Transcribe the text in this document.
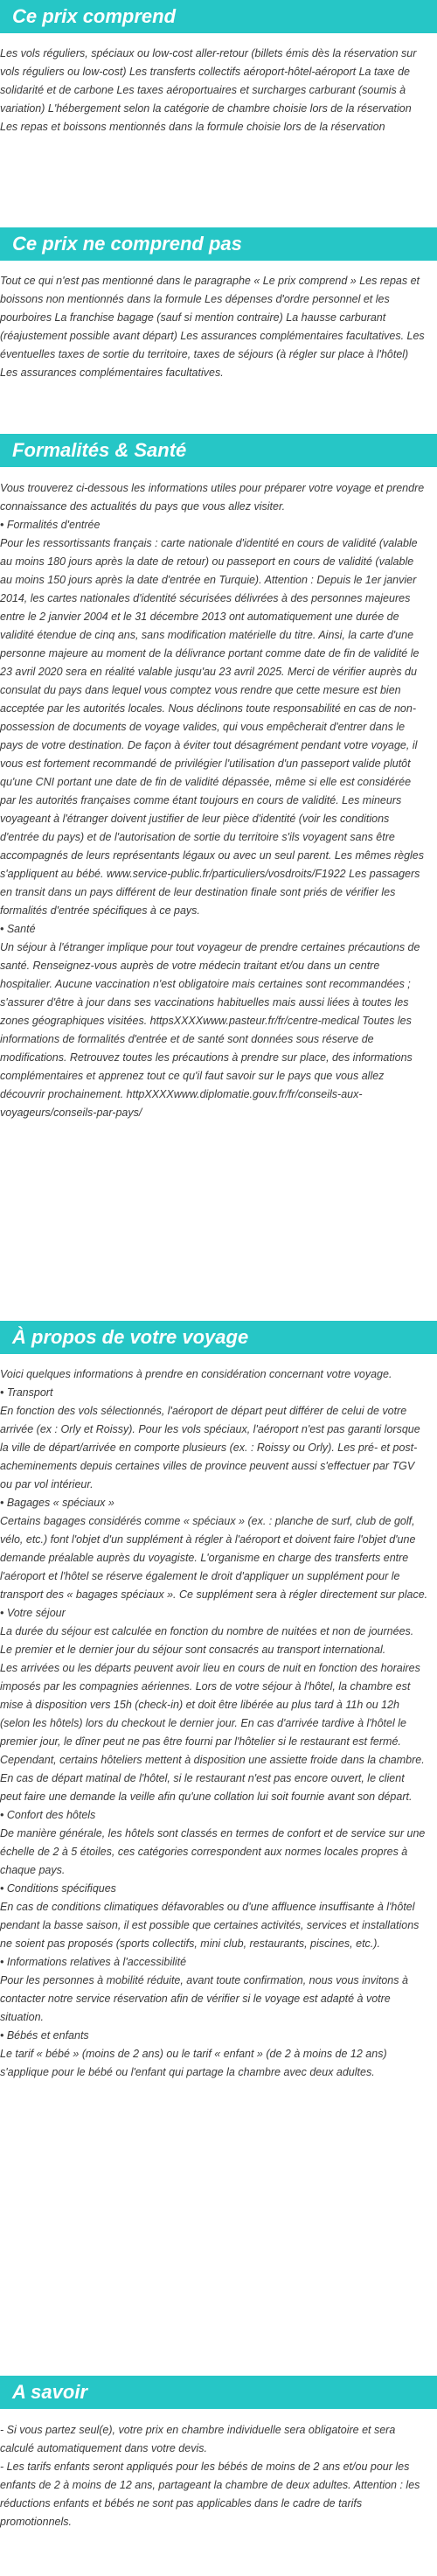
Ce prix comprend

Les vols réguliers, spéciaux ou low-cost aller-retour (billets émis dès la réservation sur vols réguliers ou low-cost) Les transferts collectifs aéroport-hôtel-aéroport La taxe de solidarité et de carbone Les taxes aéroportuaires et surcharges carburant (soumis à variation) L'hébergement selon la catégorie de chambre choisie lors de la réservation Les repas et boissons mentionnés dans la formule choisie lors de la réservation

Ce prix ne comprend pas

Tout ce qui n'est pas mentionné dans le paragraphe « Le prix comprend » Les repas et boissons non mentionnés dans la formule Les dépenses d'ordre personnel et les pourboires La franchise bagage (sauf si mention contraire) La hausse carburant (réajustement possible avant départ) Les assurances complémentaires facultatives. Les éventuelles taxes de sortie du territoire, taxes de séjours (à régler sur place à l'hôtel) Les assurances complémentaires facultatives.

Formalités & Santé

Vous trouverez ci-dessous les informations utiles pour préparer votre voyage et prendre connaissance des actualités du pays que vous allez visiter.

• Formalités d'entrée

Pour les ressortissants français : carte nationale d'identité en cours de validité (valable au moins 180 jours après la date de retour) ou passeport en cours de validité (valable au moins 150 jours après la date d'entrée en Turquie). Attention : Depuis le 1er janvier 2014, les cartes nationales d'identité sécurisées délivrées à des personnes majeures entre le 2 janvier 2004 et le 31 décembre 2013 ont automatiquement une durée de validité étendue de cinq ans, sans modification matérielle du titre. Ainsi, la carte d'une personne majeure au moment de la délivrance portant comme date de fin de validité le 23 avril 2020 sera en réalité valable jusqu'au 23 avril 2025. Merci de vérifier auprès du consulat du pays dans lequel vous comptez vous rendre que cette mesure est bien acceptée par les autorités locales. Nous déclinons toute responsabilité en cas de non-possession de documents de voyage valides, qui vous empêcherait d'entrer dans le pays de votre destination. De façon à éviter tout désagrément pendant votre voyage, il vous est fortement recommandé de privilégier l'utilisation d'un passeport valide plutôt qu'une CNI portant une date de fin de validité dépassée, même si elle est considérée par les autorités françaises comme étant toujours en cours de validité. Les mineurs voyageant à l'étranger doivent justifier de leur pièce d'identité (voir les conditions d'entrée du pays) et de l'autorisation de sortie du territoire s'ils voyagent sans être accompagnés de leurs représentants légaux ou avec un seul parent. Les mêmes règles s'appliquent au bébé. www.service-public.fr/particuliers/vosdroits/F1922 Les passagers en transit dans un pays différent de leur destination finale sont priés de vérifier les formalités d'entrée spécifiques à ce pays.

• Santé

Un séjour à l'étranger implique pour tout voyageur de prendre certaines précautions de santé. Renseignez-vous auprès de votre médecin traitant et/ou dans un centre hospitalier. Aucune vaccination n'est obligatoire mais certaines sont recommandées ; s'assurer d'être à jour dans ses vaccinations habituelles mais aussi liées à toutes les zones géographiques visitées. httpsXXXXwww.pasteur.fr/fr/centre-medical Toutes les informations de formalités d'entrée et de santé sont données sous réserve de modifications. Retrouvez toutes les précautions à prendre sur place, des informations complémentaires et apprenez tout ce qu'il faut savoir sur le pays que vous allez découvrir prochainement. httpXXXXwww.diplomatie.gouv.fr/fr/conseils-aux-voyageurs/conseils-par-pays/

À propos de votre voyage

Voici quelques informations à prendre en considération concernant votre voyage.

• Transport

En fonction des vols sélectionnés, l'aéroport de départ peut différer de celui de votre arrivée (ex : Orly et Roissy). Pour les vols spéciaux, l'aéroport n'est pas garanti lorsque la ville de départ/arrivée en comporte plusieurs (ex. : Roissy ou Orly). Les pré- et post- acheminements depuis certaines villes de province peuvent aussi s'effectuer par TGV ou par vol intérieur.

• Bagages « spéciaux »

Certains bagages considérés comme « spéciaux » (ex. : planche de surf, club de golf, vélo, etc.) font l'objet d'un supplément à régler à l'aéroport et doivent faire l'objet d'une demande préalable auprès du voyagiste. L'organisme en charge des transferts entre l'aéroport et l'hôtel se réserve également le droit d'appliquer un supplément pour le transport des « bagages spéciaux ». Ce supplément sera à régler directement sur place.

• Votre séjour

La durée du séjour est calculée en fonction du nombre de nuitées et non de journées. Le premier et le dernier jour du séjour sont consacrés au transport international.

Les arrivées ou les départs peuvent avoir lieu en cours de nuit en fonction des horaires imposés par les compagnies aériennes. Lors de votre séjour à l'hôtel, la chambre est mise à disposition vers 15h (check-in) et doit être libérée au plus tard à 11h ou 12h (selon les hôtels) lors du checkout le dernier jour. En cas d'arrivée tardive à l'hôtel le premier jour, le dîner peut ne pas être fourni par l'hôtelier si le restaurant est fermé. Cependant, certains hôteliers mettent à disposition une assiette froide dans la chambre. En cas de départ matinal de l'hôtel, si le restaurant n'est pas encore ouvert, le client peut faire une demande la veille afin qu'une collation lui soit fournie avant son départ.

• Confort des hôtels

De manière générale, les hôtels sont classés en termes de confort et de service sur une échelle de 2 à 5 étoiles, ces catégories correspondent aux normes locales propres à chaque pays.

• Conditions spécifiques

En cas de conditions climatiques défavorables ou d'une affluence insuffisante à l'hôtel pendant la basse saison, il est possible que certaines activités, services et installations ne soient pas proposés (sports collectifs, mini club, restaurants, piscines, etc.).

• Informations relatives à l'accessibilité

Pour les personnes à mobilité réduite, avant toute confirmation, nous vous invitons à contacter notre service réservation afin de vérifier si le voyage est adapté à votre situation.

• Bébés et enfants

Le tarif « bébé » (moins de 2 ans) ou le tarif « enfant » (de 2 à moins de 12 ans) s'applique pour le bébé ou l'enfant qui partage la chambre avec deux adultes.

A savoir

- Si vous partez seul(e), votre prix en chambre individuelle sera obligatoire et sera calculé automatiquement dans votre devis.

- Les tarifs enfants seront appliqués pour les bébés de moins de 2 ans et/ou pour les enfants de 2 à moins de 12 ans, partageant la chambre de deux adultes. Attention : les réductions enfants et bébés ne sont pas applicables dans le cadre de tarifs promotionnels.
